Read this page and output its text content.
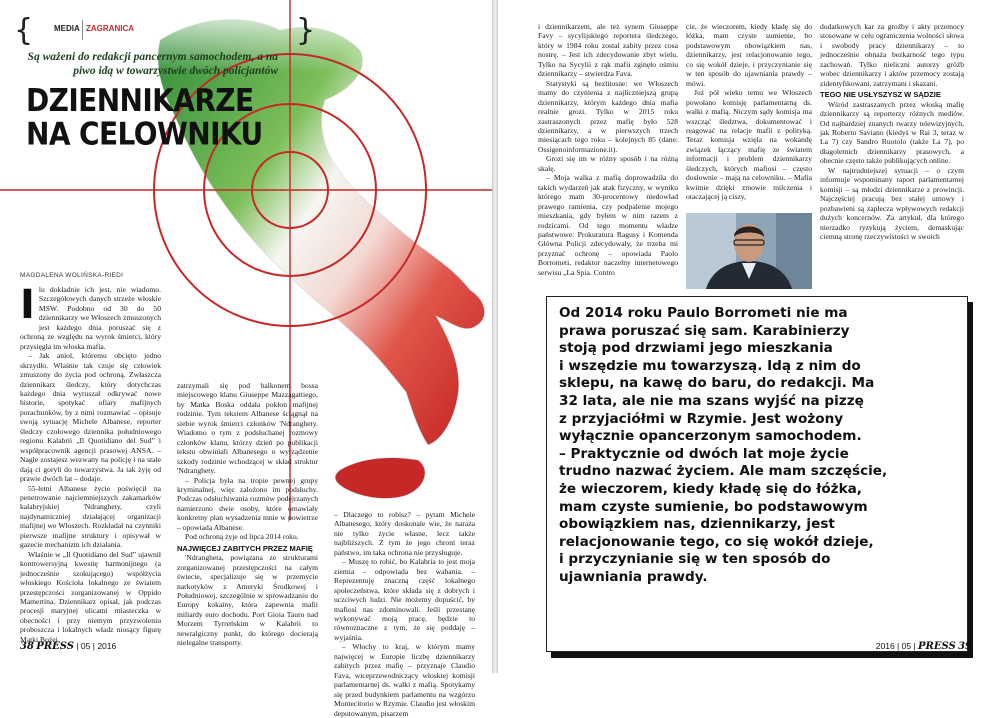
{	MEDIA ZAGRANICA	}
Są ważeni do redakcji pancernym samochodem, a na piwo idą w towarzystwie dwóch policjantów
DZIENNIKARZE
NA CELOWNIKU
MAGDALENA WOLIŃSKA-RIEDI

Ilu dokładnie ich jest, nie wiadomo. Szczegółowych danych strzeże włoskie MSW. Podobno od 30 do 50 dziennikarzy we Włoszech zmuszonych jest każdego dnia poruszać się z ochroną ze względu na wyrok śmierci, który przysięgła im włoska mafia.

– Jak aniol, któremu obcięto jedno skrzydło. Właśnie tak czuje się człowiek zmuszony do życia pod ochroną. Zwłaszcza dziennikarz śledczy, który dotychczas każdego dnia wyruszał odkrywać nowe historie, spotykać ofiary mafijnych porachunków, by z nimi rozmawiać – opisuje swoją sytuację Michele Albanese, reporter śledczy czołowego dziennika południowego regionu Kalabrii „Il Quotidiano del Sud” i współpracownik agencji prasowej ANSA. – Nagle zostajesz wezwany na policję i na stałe dają ci goryli do towarzystwa. Ja tak żyję od prawie dwóch lat – dodaje.

55-letni Albanese życie poświęcił na penetrowanie najciemniejszych zakamarków kalabryjskiej 'Ndranghety, czyli najdynamiczniej działającej organizacji mafijnej we Włoszech. Rozkładał na czynniki pierwsze mafijne struktury i opisywał w gazecie mechanizm ich działania.

Właśnie w „Il Quotidiano del Sud” ujawnił kontrowersyjną kwestię harmonijnego (a jednocześnie szokującego) współżycia włoskiego Kościoła lokalnego ze światem przestępczości zorganizowanej w Oppido Mamertina. Dziennikarz opisał, jak podczas procesji maryjnej ulicami miasteczka w obecności i przy niemym przyzwoleniu proboszcza i lokalnych władz niosący figurę Matki Bożej

zatrzymali się pod balkonem bossa miejscowego klanu Giuseppe Mazzagattiego, by Matka Boska oddała pokłon mafijnej rodzinie. Tym tekstem Albanese ściągnął na siebie wyrok śmierci członków 'Ndranghety. Wiadomo o tym z podsłuchanej rozmowy członków klanu, którzy dzień po publikacji tekstu obwiniali Albanesego o wyrządzenie szkody rodzinie wchodzącej w skład struktur 'Ndranghety.

– Policja była na tropie pewnej grupy kryminalnej, więc założono im podsłuchy. Podczas odsłuchiwania rozmów podejrzanych namierzono dwie osoby, które omawiały konkretny plan wysadzenia mnie w powietrze – opowiada Albanese.

Pod ochroną żyje od lipca 2014 roku.

NAJWIĘCEJ ZABITYCH PRZEZ MAFIĘ

'Ndrangheta, powiązana ze strukturami zorganizowanej przestępczości na całym świecie, specjalizuje się w przemycie narkotyków z Ameryki Środkowej i Południowej, szczególnie w sprowadzaniu do Europy kokainy, która zapewnia mafii miliardy euro dochodu. Port Gioia Tauro nad Morzem Tyrreńskim w Kalabrii to newralgiczny punkt, do którego docierają nielegalne transporty.

– Dlaczego to robisz? – pytam Michele Albanesego, który doskonale wie, że naraża nie tylko życie własne, lecz także najbliższych. Z tym że jego chroni teraz państwo, im taka ochrona nie przysługuje.

– Muszę to robić, bo Kalabria to jest moja ziemia – odpowiada bez wahania. – Reprezentuję znaczną część lokalnego społeczeństwa, które składa się z dobrych i uczciwych ludzi. Nie możemy dopuścić, by mafiosi nas zdominowali. Jeśli przestanę wykonywać moją pracę, będzie to równoznaczne z tym, że się poddaję – wyjaśnia.

– Włochy to kraj, w którym mamy najwięcej w Europie liczbę dziennikarzy zabitych przez mafię – przyznaje Claudio Fava, wiceprzewodniczący włoskiej komisji parlamentarnej ds. walki z mafią. Spotykamy się przed budynkiem parlamentu na wzgórzu Montecitorio w Rzymie. Claudio jest włoskim deputowanym, pisarzem

38 PRESS | 05 | 2016

i dziennikarzem, ale też synem Giuseppe Favy – sycylijskiego reportera śledczego, który w 1984 roku został zabity przez cosa nostrę. – Jest ich zdecydowanie zbyt wielu. Tylko na Sycylii z rąk mafii zginęło ośmiu dziennikarzy – stwierdza Fava.

Statystyki są bezlitosne: we Włoszech mamy do czynienia z najliczniejszą grupą dziennikarzy, którym każdego dnia mafia realnie grozi. Tylko w 2015 roku zastraszonych przez mafię było 528 dziennikarzy, a w pierwszych trzech miesiącach tego roku – kolejnych 85 (dane: Ossigenoinformazione.it).

Grozi się im w różny sposób i na różną skalę.

– Moja walka z mafią doprowadziła do takich wydarzeń jak atak fizyczny, w wyniku którego mam 30-procentowy niedowład prawego ramienia, czy podpalenie mojego mieszkania, gdy byłem w nim razem z rodzicami. Od tego momentu władze państwowe: Prokuratura Ragusy i Komenda Główna Policji zdecydowały, że trzeba mi przyznać ochronę – opowiada Paolo Borrometi, redaktor naczelny internetowego serwisu „La Spia. Contro

cie, że wieczorem, kiedy kładę się do łóżka, mam czyste sumienie, bo podstawowym obowiązkiem nas, dziennikarzy, jest relacjonowanie tego, co się wokół dzieje, i przyczynianie się w ten sposób do ujawniania prawdy – mówi.

Już pół wieku temu we Włoszech powołano komisję parlamentarną ds. walki z mafią. Niczym sądy komisja ma wszcząć śledztwa, dokumentować i reagować na relacje mafii z polityką. Teraz komisja wzięła na wokandę związek łączący mafię ze światem informacji i problem dziennikarzy śledczych, których mafiosi – często dosłownie – mają na celowniku. – Mafia kwitnie dzięki zmowie milczenia i otaczającej ją ciszy,

dodatkowych kar za groźby i akty przemocy stosowane w celu ograniczenia wolności słowa i swobody pracy dziennikarzy – to jednocześnie obnaża bezkarność tego typu zachowań. Tylko nieliczni autorzy gróźb wobec dziennikarzy i aktów przemocy zostają zidentyfikowani, zatrzymani i skazani.

TEGO NIE USŁYSZYSZ W SĄDZIE

Wśród zastraszanych przez włoską mafię dziennikarzy są reporterzy różnych mediów. Od najbardziej znanych twarzy telewizyjnych, jak Roberto Saviano (kiedyś w Rai 3, teraz w La 7) czy Sandro Ruotolo (także La 7), po dłagoletnich dziennikarzy prasowych, a obecnie często także publikujących online.

W najtrudniejszej sytuacji – o czym informuje wspominany raport parlamentarnej komisji – są młodzi dziennikarze z prowincji. Najczęściej pracują bez stałej umowy i pozbawieni są zaplecza wpływowych redakcji dużych koncernów. Za artykuł, dla którego nierzadko ryzykują życiem, demaskując ciemną stronę rzeczywistości w swoich

Od 2014 roku Paulo Borrometi nie ma
prawa poruszać się sam. Karabinierzy
stoją pod drzwiami jego mieszkania
i wszędzie mu towarzyszą. Idą z nim do
sklepu, na kawę do baru, do redakcji. Ma
32 lata, ale nie ma szans wyjść na pizzę
z przyjaciółmi w Rzymie. Jest wożony
wyłącznie opancerzonym samochodem.
– Praktycznie od dwóch lat moje życie
trudno nazwać życiem. Ale mam szczęście,
że wieczorem, kiedy kładę się do łóżka,
mam czyste sumienie, bo podstawowym
obowiązkiem nas, dziennikarzy, jest
relacjonowanie tego, co się wokół dzieje,
i przyczynianie się w ten sposób do
ujawniania prawdy.
2016 | 05 | PRESS 39
